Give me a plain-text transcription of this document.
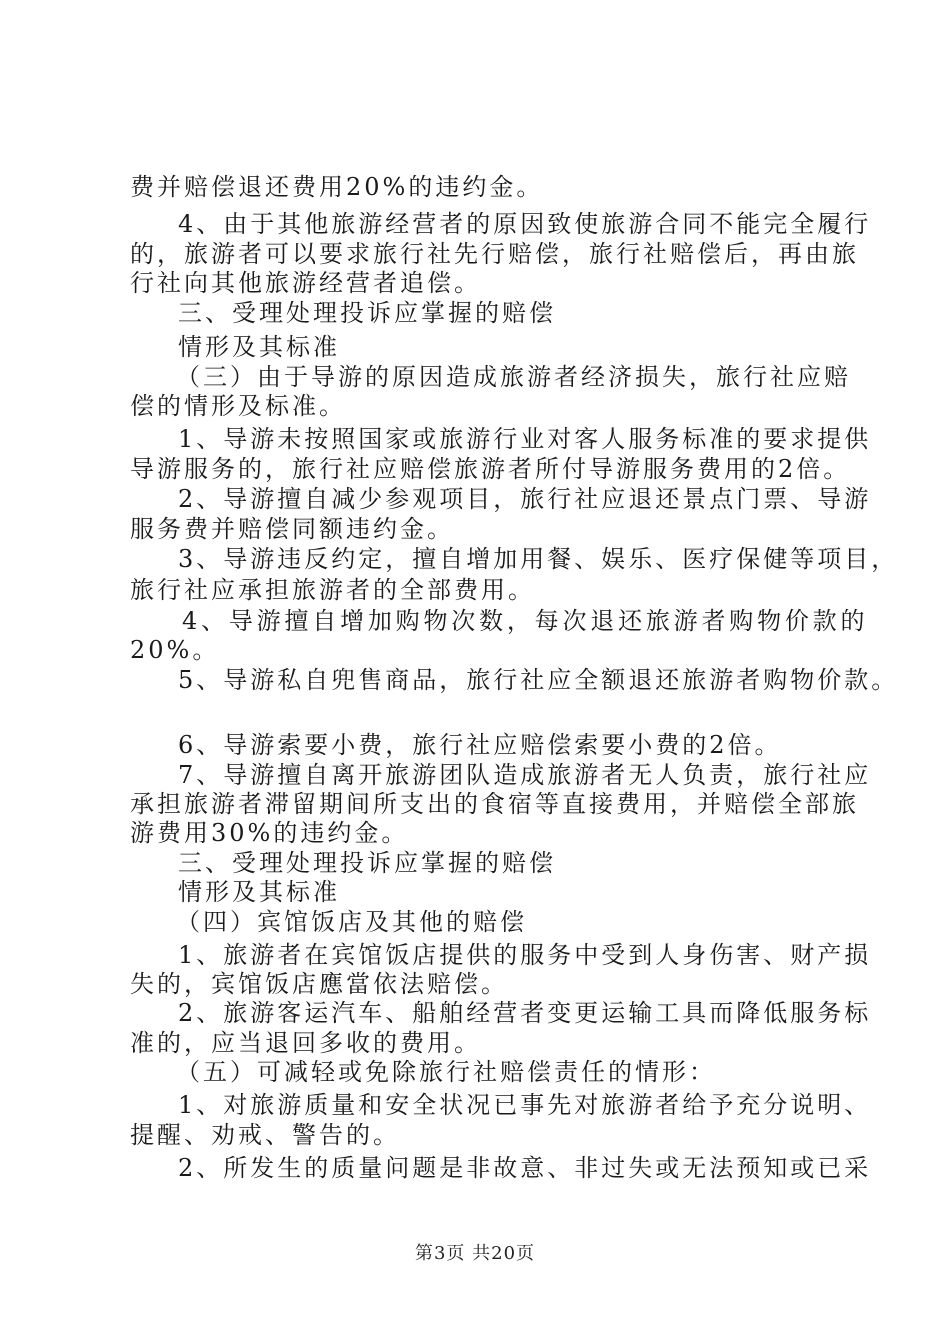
费并赔偿退还费用20%的违约金。
4、由于其他旅游经营者的原因致使旅游合同不能完全履行
的，旅游者可以要求旅行社先行赔偿，旅行社赔偿后，再由旅
行社向其他旅游经营者追偿。
三、受理处理投诉应掌握的赔偿
情形及其标准
（三）由于导游的原因造成旅游者经济损失，旅行社应赔
偿的情形及标准。
1、导游未按照国家或旅游行业对客人服务标准的要求提供
导游服务的，旅行社应赔偿旅游者所付导游服务费用的2倍。
2、导游擅自减少参观项目，旅行社应退还景点门票、导游
服务费并赔偿同额违约金。
3、导游违反约定，擅自增加用餐、娱乐、医疗保健等项目，
旅行社应承担旅游者的全部费用。
4、导游擅自增加购物次数，每次退还旅游者购物价款的
20%。
5、导游私自兜售商品，旅行社应全额退还旅游者购物价款。
6、导游索要小费，旅行社应赔偿索要小费的2倍。
7、导游擅自离开旅游团队造成旅游者无人负责，旅行社应
承担旅游者滞留期间所支出的食宿等直接费用，并赔偿全部旅
游费用30%的违约金。
三、受理处理投诉应掌握的赔偿
情形及其标准
（四）宾馆饭店及其他的赔偿
1、旅游者在宾馆饭店提供的服务中受到人身伤害、财产损
失的，宾馆饭店應當依法赔偿。
2、旅游客运汽车、船舶经营者变更运输工具而降低服务标
准的，应当退回多收的费用。
（五）可减轻或免除旅行社赔偿责任的情形：
1、对旅游质量和安全状况已事先对旅游者给予充分说明、
提醒、劝戒、警告的。
2、所发生的质量问题是非故意、非过失或无法预知或已采
第3页 共20页
